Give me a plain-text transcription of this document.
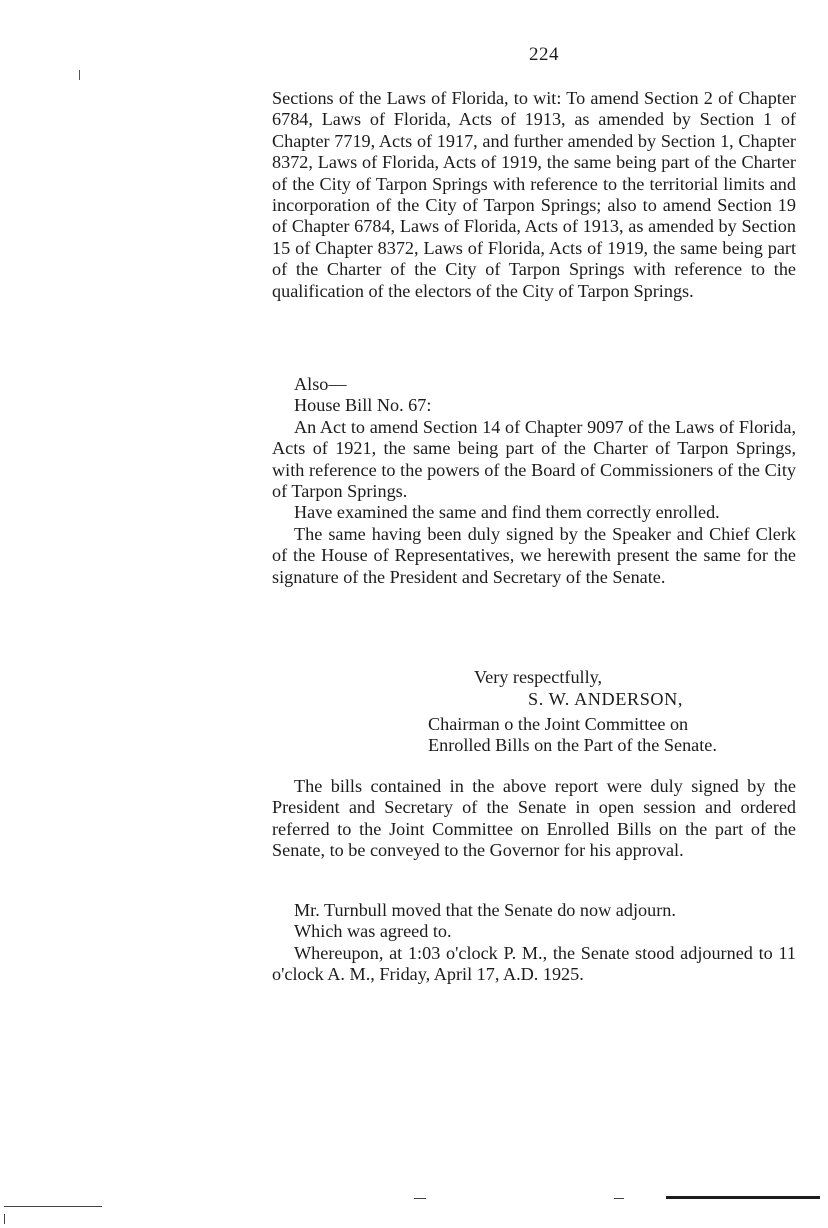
224

Sections of the Laws of Florida, to wit: To amend Section 2 of Chapter 6784, Laws of Florida, Acts of 1913, as amended by Section 1 of Chapter 7719, Acts of 1917, and further amended by Section 1, Chapter 8372, Laws of Florida, Acts of 1919, the same being part of the Charter of the City of Tarpon Springs with reference to the territorial limits and incorporation of the City of Tarpon Springs; also to amend Section 19 of Chapter 6784, Laws of Florida, Acts of 1913, as amended by Section 15 of Chapter 8372, Laws of Florida, Acts of 1919, the same being part of the Charter of the City of Tarpon Springs with reference to the qualification of the electors of the City of Tarpon Springs.

Also—

House Bill No. 67:

An Act to amend Section 14 of Chapter 9097 of the Laws of Florida, Acts of 1921, the same being part of the Charter of Tarpon Springs, with reference to the powers of the Board of Commissioners of the City of Tarpon Springs.

Have examined the same and find them correctly enrolled.

The same having been duly signed by the Speaker and Chief Clerk of the House of Representatives, we herewith present the same for the signature of the President and Secretary of the Senate.

Very respectfully,
S. W. ANDERSON,
Chairman o the Joint Committee on
Enrolled Bills on the Part of the Senate.

The bills contained in the above report were duly signed by the President and Secretary of the Senate in open session and ordered referred to the Joint Committee on Enrolled Bills on the part of the Senate, to be conveyed to the Governor for his approval.

Mr. Turnbull moved that the Senate do now adjourn.

Which was agreed to.

Whereupon, at 1:03 o'clock P. M., the Senate stood adjourned to 11 o'clock A. M., Friday, April 17, A.D. 1925.
